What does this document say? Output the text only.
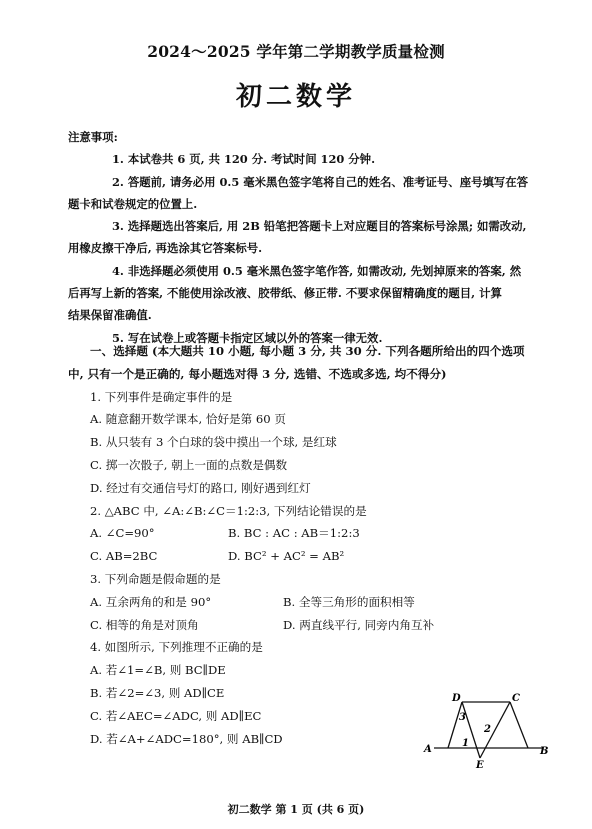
2024～2025 学年第二学期教学质量检测
初二数学

注意事项:

1. 本试卷共 6 页, 共 120 分. 考试时间 120 分钟.

2. 答题前, 请务必用 0.5 毫米黑色签字笔将自己的姓名、准考证号、座号填写在答

题卡和试卷规定的位置上.

3. 选择题选出答案后, 用 2B 铅笔把答题卡上对应题目的答案标号涂黑; 如需改动,

用橡皮擦干净后, 再选涂其它答案标号.

4. 非选择题必须使用 0.5 毫米黑色签字笔作答, 如需改动, 先划掉原来的答案, 然

后再写上新的答案, 不能使用涂改液、胶带纸、修正带. 不要求保留精确度的题目, 计算

结果保留准确值.

5. 写在试卷上或答题卡指定区域以外的答案一律无效.

一、选择题 (本大题共 10 小题, 每小题 3 分, 共 30 分. 下列各题所给出的四个选项

中, 只有一个是正确的, 每小题选对得 3 分, 选错、不选或多选, 均不得分)

1. 下列事件是确定事件的是

A. 随意翻开数学课本, 恰好是第 60 页

B. 从只装有 3 个白球的袋中摸出一个球, 是红球

C. 掷一次骰子, 朝上一面的点数是偶数

D. 经过有交通信号灯的路口, 刚好遇到红灯

2. △ABC 中, ∠A:∠B:∠C＝1:2:3, 下列结论错误的是

A. ∠C=90°	B. BC : AC : AB＝1:2:3
C. AB=2BC	D. BC² + AC² = AB²

3. 下列命题是假命题的是

A. 互余两角的和是 90°	B. 全等三角形的面积相等
C. 相等的角是对顶角	D. 两直线平行, 同旁内角互补

4. 如图所示, 下列推理不正确的是

A. 若∠1=∠B, 则 BC∥DE

B. 若∠2=∠3, 则 AD∥CE

C. 若∠AEC=∠ADC, 则 AD∥EC

D. 若∠A+∠ADC=180°, 则 AB∥CD

D	C
A	B
E
1
2
3
初二数学 第 1 页 (共 6 页)
